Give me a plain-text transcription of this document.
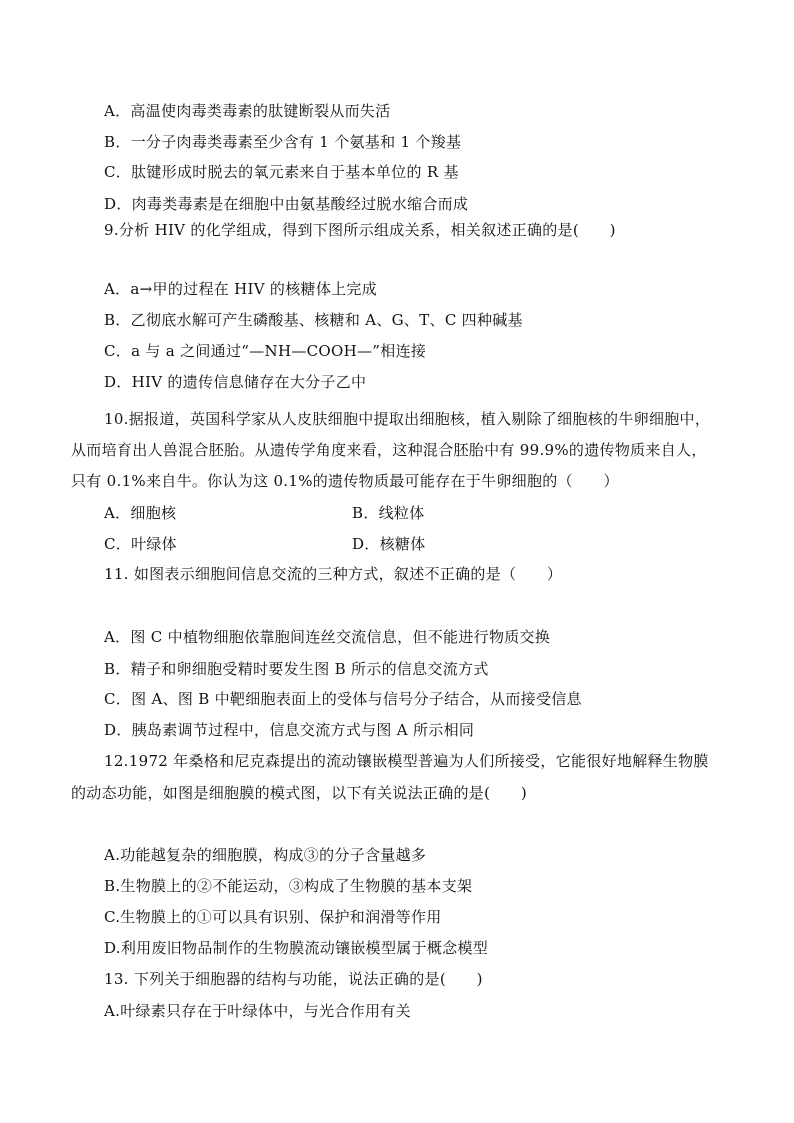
A．高温使肉毒类毒素的肽键断裂从而失活
B．一分子肉毒类毒素至少含有 1 个氨基和 1 个羧基
C．肽键形成时脱去的氧元素来自于基本单位的 R 基
D．肉毒类毒素是在细胞中由氨基酸经过脱水缩合而成
9.分析 HIV 的化学组成，得到下图所示组成关系，相关叙述正确的是(　　)
A．a→甲的过程在 HIV 的核糖体上完成
B．乙彻底水解可产生磷酸基、核糖和 A、G、T、C 四种碱基
C．a 与 a 之间通过“—NH—COOH—”相连接
D．HIV 的遗传信息储存在大分子乙中
10.据报道，英国科学家从人皮肤细胞中提取出细胞核，植入剔除了细胞核的牛卵细胞中，
从而培育出人兽混合胚胎。从遗传学角度来看，这种混合胚胎中有 99.9%的遗传物质来自人，
只有 0.1%来自牛。你认为这 0.1%的遗传物质最可能存在于牛卵细胞的（　　）
A．细胞核	B．线粒体
C．叶绿体	D．核糖体
11. 如图表示细胞间信息交流的三种方式，叙述不正确的是（　　）
A．图 C 中植物细胞依靠胞间连丝交流信息，但不能进行物质交换
B．精子和卵细胞受精时要发生图 B 所示的信息交流方式
C．图 A、图 B 中靶细胞表面上的受体与信号分子结合，从而接受信息
D．胰岛素调节过程中，信息交流方式与图 A 所示相同
12.1972 年桑格和尼克森提出的流动镶嵌模型普遍为人们所接受，它能很好地解释生物膜
的动态功能，如图是细胞膜的模式图，以下有关说法正确的是(　　)
A.功能越复杂的细胞膜，构成③的分子含量越多
B.生物膜上的②不能运动，③构成了生物膜的基本支架
C.生物膜上的①可以具有识别、保护和润滑等作用
D.利用废旧物品制作的生物膜流动镶嵌模型属于概念模型
13. 下列关于细胞器的结构与功能，说法正确的是(　　)
A.叶绿素只存在于叶绿体中，与光合作用有关
